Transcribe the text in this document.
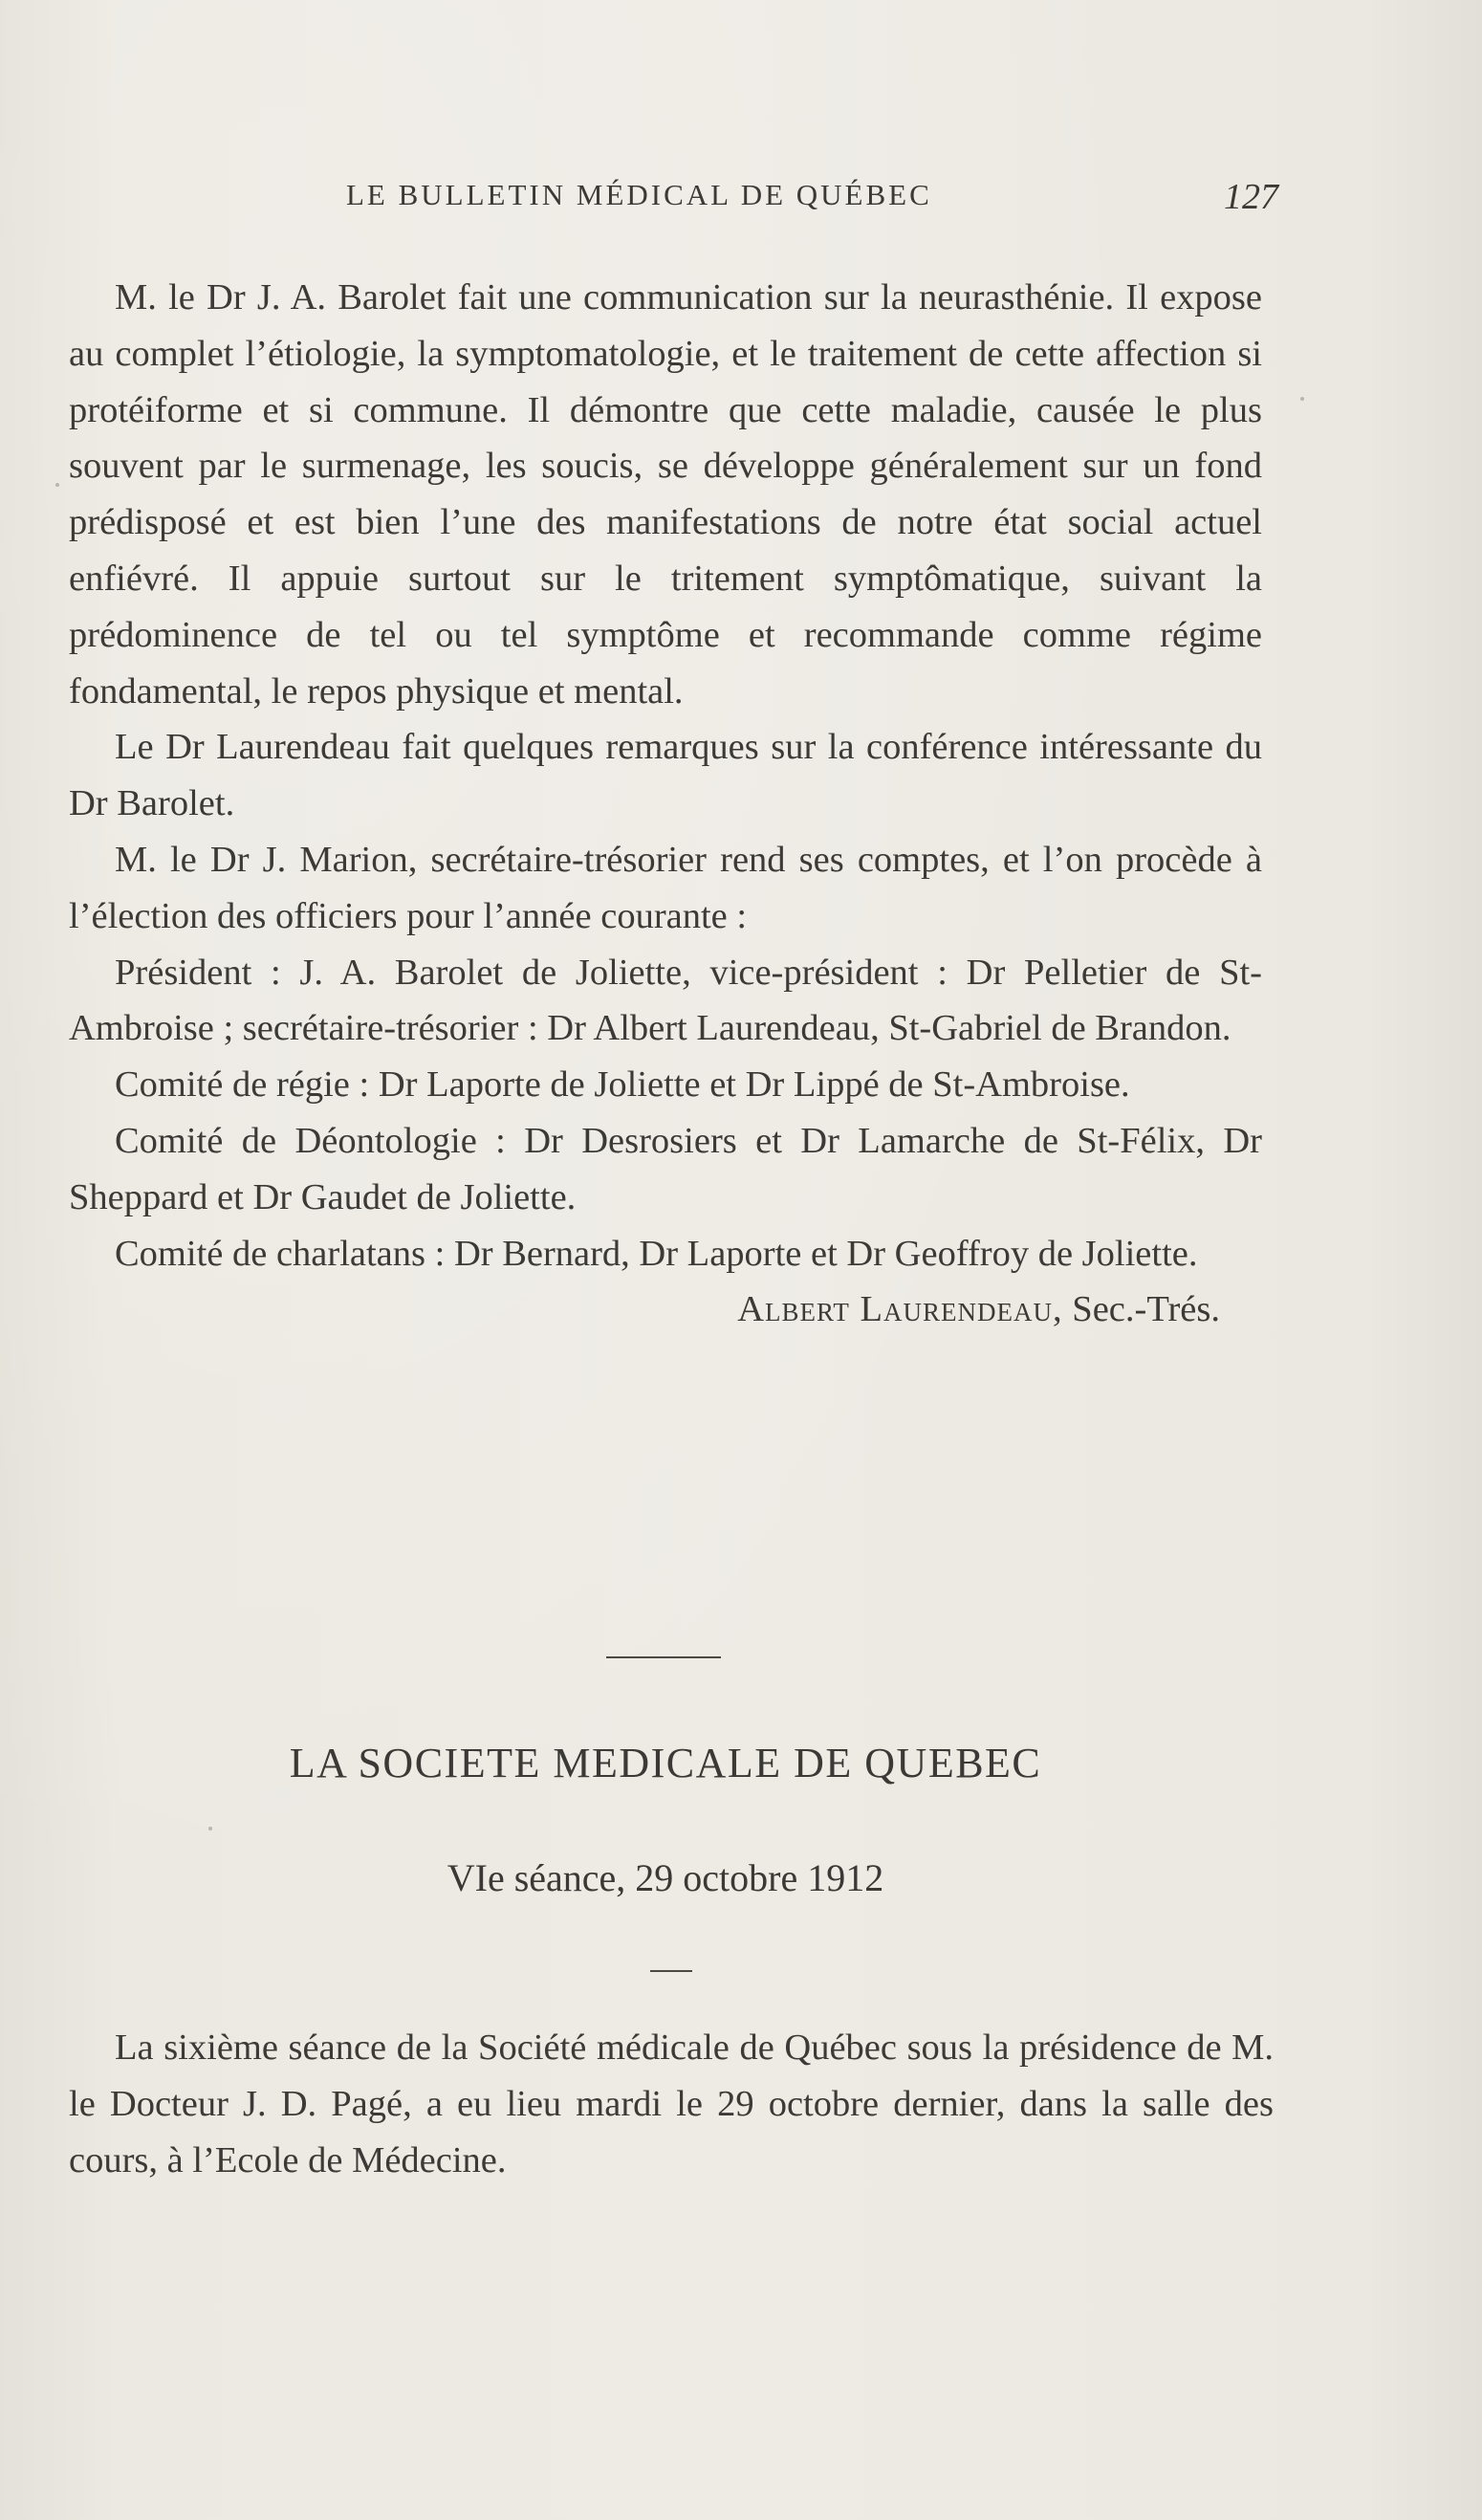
LE BULLETIN MÉDICAL DE QUÉBEC	127

M. le Dr J. A. Barolet fait une communication sur la neurasthénie. Il expose au complet l’étiologie, la symptomatologie, et le traitement de cette affection si protéiforme et si commune. Il démontre que cette maladie, causée le plus souvent par le surmenage, les soucis, se développe généralement sur un fond prédisposé et est bien l’une des manifestations de notre état social actuel enfiévré. Il appuie surtout sur le tritement symptômatique, suivant la prédominence de tel ou tel symptôme et recommande comme régime fondamental, le repos physique et mental.

Le Dr Laurendeau fait quelques remarques sur la conférence intéressante du Dr Barolet.

M. le Dr J. Marion, secrétaire-trésorier rend ses comptes, et l’on procède à l’élection des officiers pour l’année courante :

Président : J. A. Barolet de Joliette, vice-président : Dr Pelletier de St-Ambroise ; secrétaire-trésorier : Dr Albert Laurendeau, St-Gabriel de Brandon.

Comité de régie : Dr Laporte de Joliette et Dr Lippé de St-Ambroise.

Comité de Déontologie : Dr Desrosiers et Dr Lamarche de St-Félix, Dr Sheppard et Dr Gaudet de Joliette.

Comité de charlatans : Dr Bernard, Dr Laporte et Dr Geoffroy de Joliette.

Albert Laurendeau, Sec.-Trés.

LA SOCIETE MEDICALE DE QUEBEC
VIe séance, 29 octobre 1912

La sixième séance de la Société médicale de Québec sous la présidence de M. le Docteur J. D. Pagé, a eu lieu mardi le 29 octobre dernier, dans la salle des cours, à l’Ecole de Médecine.
